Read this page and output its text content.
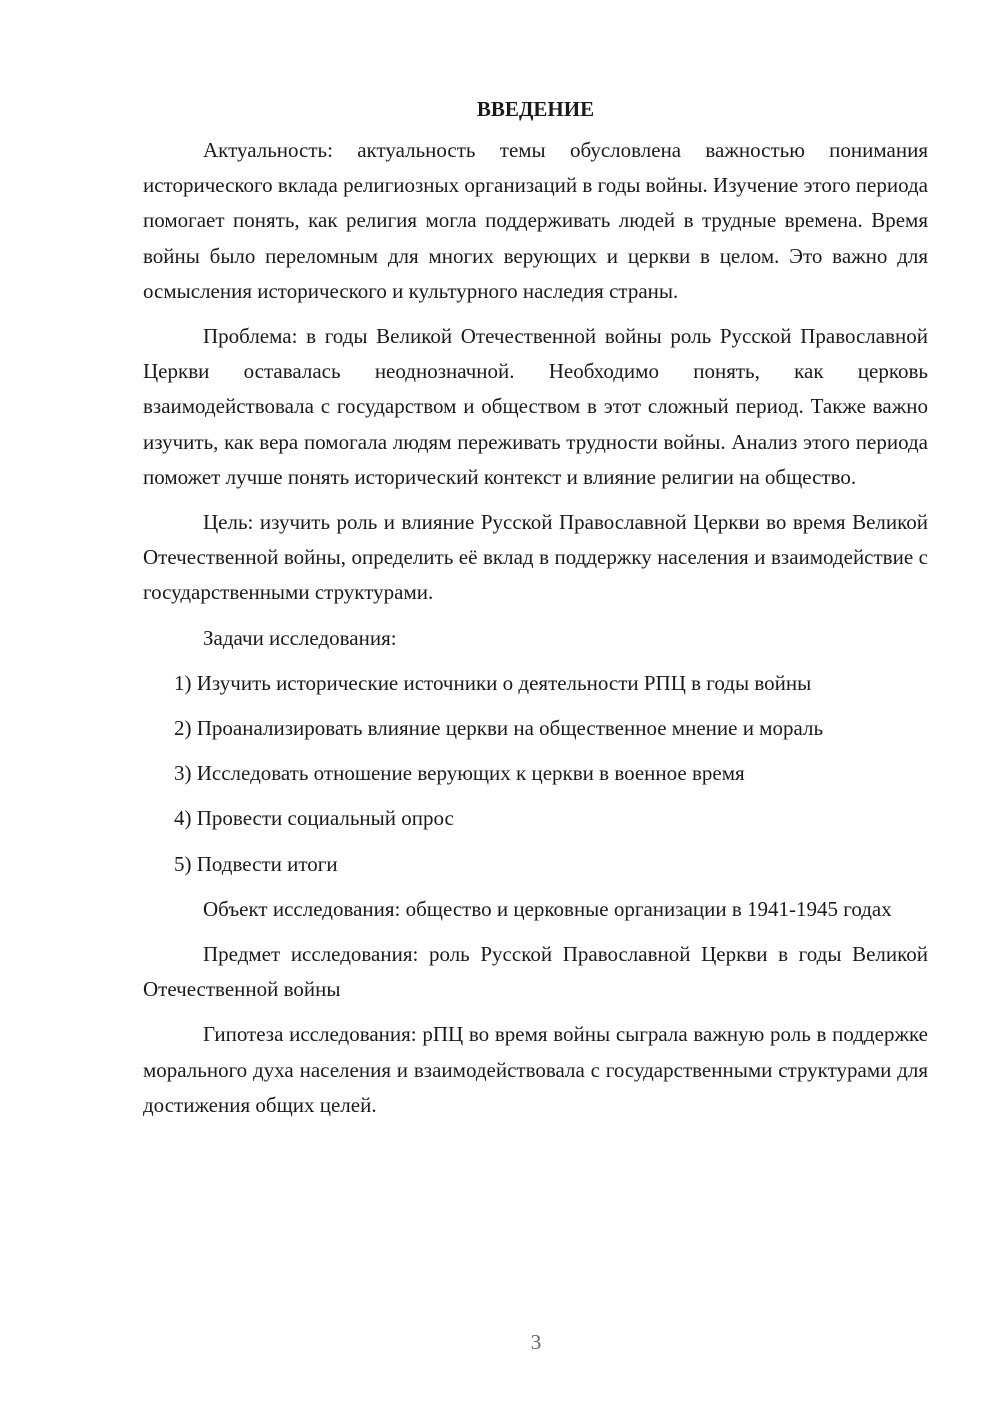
ВВЕДЕНИЕ

Актуальность: актуальность темы обусловлена важностью понимания исторического вклада религиозных организаций в годы войны. Изучение этого периода помогает понять, как религия могла поддерживать людей в трудные времена. Время войны было переломным для многих верующих и церкви в целом. Это важно для осмысления исторического и культурного наследия страны.

Проблема: в годы Великой Отечественной войны роль Русской Православной Церкви оставалась неоднозначной. Необходимо понять, как церковь взаимодействовала с государством и обществом в этот сложный период. Также важно изучить, как вера помогала людям переживать трудности войны. Анализ этого периода поможет лучше понять исторический контекст и влияние религии на общество.

Цель: изучить роль и влияние Русской Православной Церкви во время Великой Отечественной войны, определить её вклад в поддержку населения и взаимодействие с государственными структурами.

Задачи исследования:

1) Изучить исторические источники о деятельности РПЦ в годы войны

2) Проанализировать влияние церкви на общественное мнение и мораль

3) Исследовать отношение верующих к церкви в военное время

4) Провести социальный опрос

5) Подвести итоги

Объект исследования: общество и церковные организации в 1941-1945 годах

Предмет исследования: роль Русской Православной Церкви в годы Великой Отечественной войны

Гипотеза исследования: рПЦ во время войны сыграла важную роль в поддержке морального духа населения и взаимодействовала с государственными структурами для достижения общих целей.

3
